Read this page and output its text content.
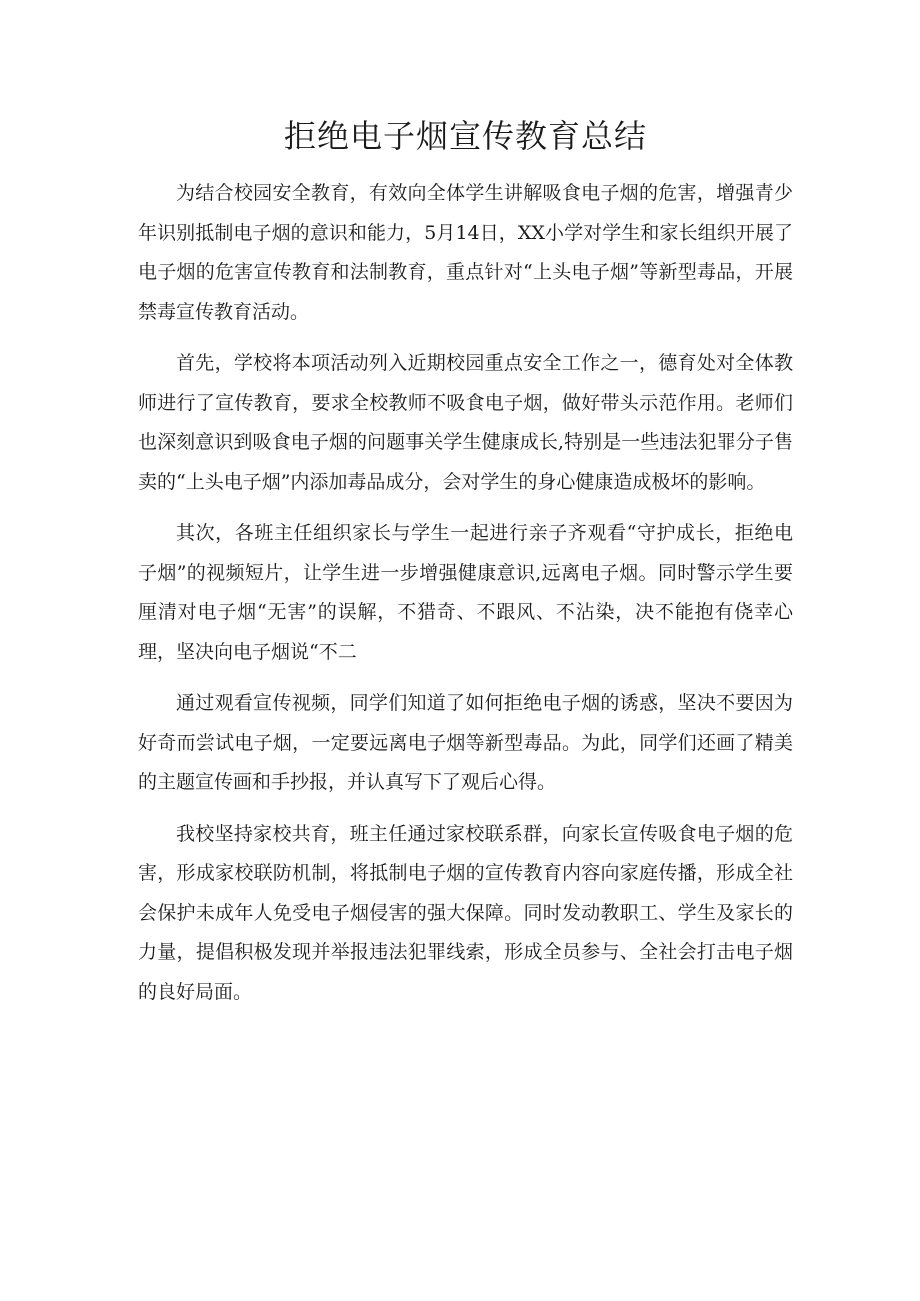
拒绝电子烟宣传教育总结

为结合校园安全教育，有效向全体学生讲解吸食电子烟的危害，增强青少年识别抵制电子烟的意识和能力，5月14日，XX小学对学生和家长组织开展了电子烟的危害宣传教育和法制教育，重点针对“上头电子烟”等新型毒品，开展禁毒宣传教育活动。

首先，学校将本项活动列入近期校园重点安全工作之一，德育处对全体教师进行了宣传教育，要求全校教师不吸食电子烟，做好带头示范作用。老师们也深刻意识到吸食电子烟的问题事关学生健康成长,特别是一些违法犯罪分子售卖的“上头电子烟”内添加毒品成分，会对学生的身心健康造成极坏的影响。

其次，各班主任组织家长与学生一起进行亲子齐观看“守护成长，拒绝电子烟”的视频短片，让学生进一步增强健康意识,远离电子烟。同时警示学生要厘清对电子烟“无害”的误解，不猎奇、不跟风、不沾染，决不能抱有侥幸心理，坚决向电子烟说“不二

通过观看宣传视频，同学们知道了如何拒绝电子烟的诱惑，坚决不要因为好奇而尝试电子烟，一定要远离电子烟等新型毒品。为此，同学们还画了精美的主题宣传画和手抄报，并认真写下了观后心得。

我校坚持家校共育，班主任通过家校联系群，向家长宣传吸食电子烟的危害，形成家校联防机制，将抵制电子烟的宣传教育内容向家庭传播，形成全社会保护未成年人免受电子烟侵害的强大保障。同时发动教职工、学生及家长的力量，提倡积极发现并举报违法犯罪线索，形成全员参与、全社会打击电子烟的良好局面。
